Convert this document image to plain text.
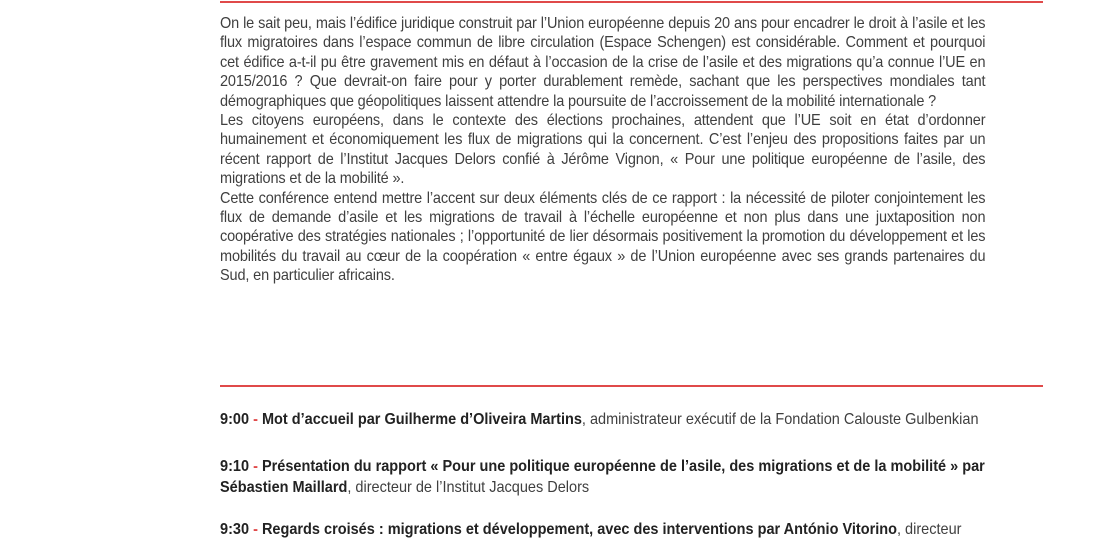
On le sait peu, mais l’édifice juridique construit par l’Union européenne depuis 20 ans pour encadrer le droit à l’asile et les flux migratoires dans l’espace commun de libre circulation (Espace Schengen) est considérable. Comment et pourquoi cet édifice a-t-il pu être gravement mis en défaut à l’occasion de la crise de l’asile et des migrations qu’a connue l’UE en 2015/2016 ? Que devrait-on faire pour y porter durablement remède, sachant que les perspectives mondiales tant démographiques que géopolitiques laissent attendre la poursuite de l’accroissement de la mobilité internationale ?

Les citoyens européens, dans le contexte des élections prochaines, attendent que l’UE soit en état d’ordonner humainement et économiquement les flux de migrations qui la concernent. C’est l’enjeu des propositions faites par un récent rapport de l’Institut Jacques Delors confié à Jérôme Vignon, « Pour une politique européenne de l’asile, des migrations et de la mobilité ».

Cette conférence entend mettre l’accent sur deux éléments clés de ce rapport : la nécessité de piloter conjointement les flux de demande d’asile et les migrations de travail à l’échelle européenne et non plus dans une juxtaposition non coopérative des stratégies nationales ; l’opportunité de lier désormais positivement la promotion du développement et les mobilités du travail au cœur de la coopération « entre égaux » de l’Union européenne avec ses grands partenaires du Sud, en particulier africains.

9:00 - Mot d’accueil par Guilherme d’Oliveira Martins, administrateur exécutif de la Fondation Calouste Gulbenkian
9:10 - Présentation du rapport « Pour une politique européenne de l’asile, des migrations et de la mobilité » par Sébastien Maillard, directeur de l’Institut Jacques Delors
9:30 - Regards croisés : migrations et développement, avec des interventions par António Vitorino, directeur
